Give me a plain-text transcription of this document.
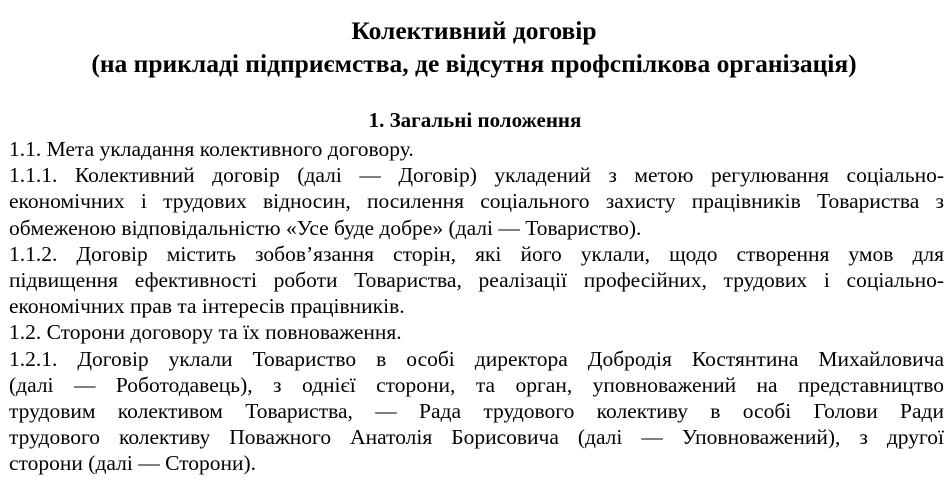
Колективний договір
(на прикладі підприємства, де відсутня профспілкова організація)
1. Загальні положення
1.1. Мета укладання колективного договору.
1.1.1. Колективний договір (далі — Договір) укладений з метою регулювання соціально-
економічних і трудових відносин, посилення соціального захисту працівників Товариства з
обмеженою відповідальністю «Усе буде добре» (далі — Товариство).
1.1.2. Договір містить зобов’язання сторін, які його уклали, щодо створення умов для
підвищення ефективності роботи Товариства, реалізації професійних, трудових і соціально-
економічних прав та інтересів працівників.
1.2. Сторони договору та їх повноваження.
1.2.1. Договір уклали Товариство в особі директора Добродія Костянтина Михайловича
(далі — Роботодавець), з однієї сторони, та орган, уповноважений на представництво
трудовим колективом Товариства, — Рада трудового колективу в особі Голови Ради
трудового колективу Поважного Анатолія Борисовича (далі — Уповноважений), з другої
сторони (далі — Сторони).
